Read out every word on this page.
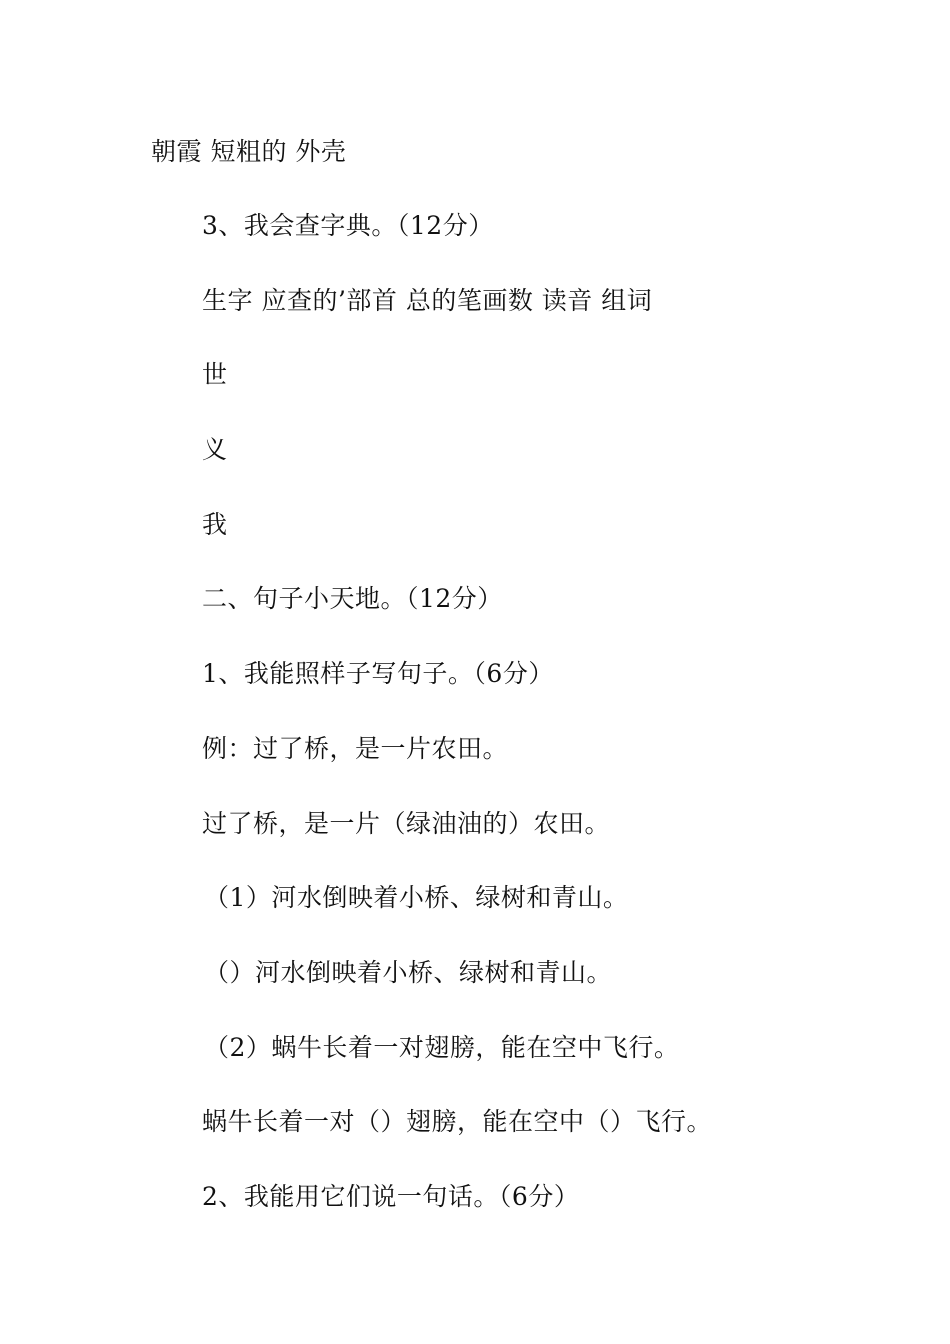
朝霞 短粗的 外壳
3、我会查字典。（12分）
生字 应查的’部首 总的笔画数 读音 组词
世
义
我
二、句子小天地。（12分）
1、我能照样子写句子。（6分）
例：过了桥，是一片农田。
过了桥，是一片（绿油油的）农田。
（1）河水倒映着小桥、绿树和青山。
（）河水倒映着小桥、绿树和青山。
（2）蜗牛长着一对翅膀，能在空中飞行。
蜗牛长着一对（）翅膀，能在空中（）飞行。
2、我能用它们说一句话。（6分）
